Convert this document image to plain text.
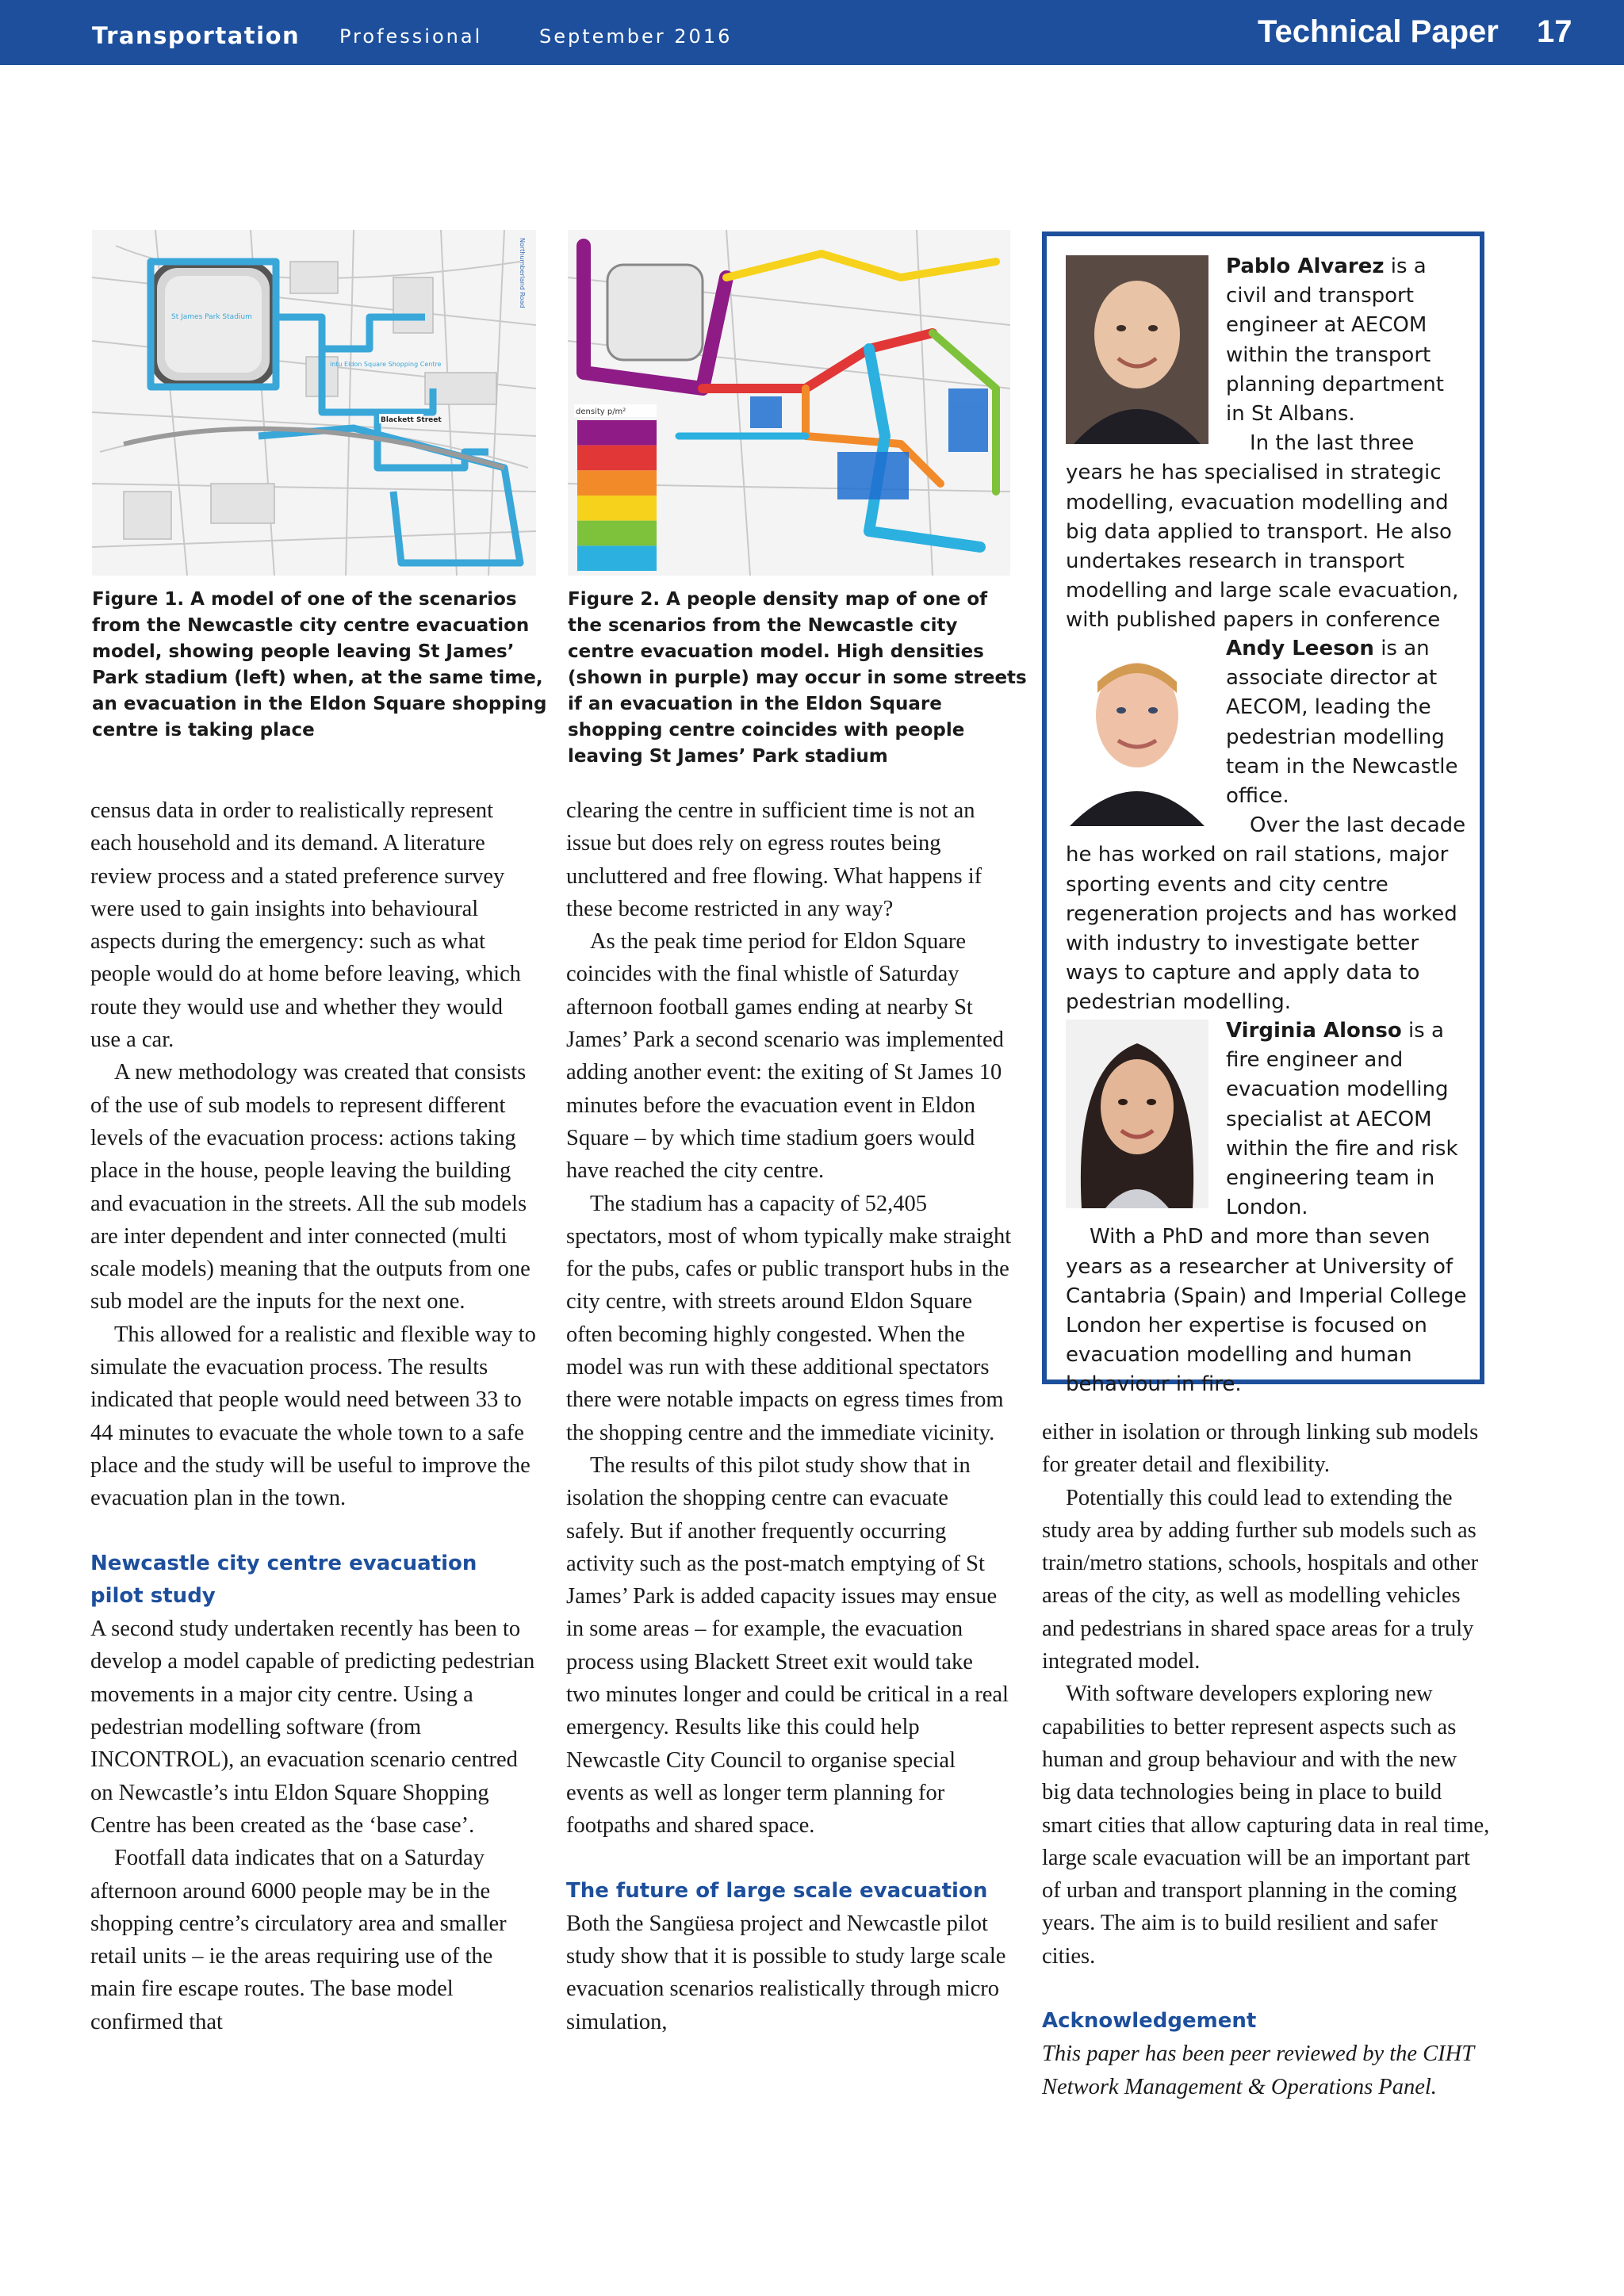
Transportation Professional	September 2016	Technical Paper 17
Blackett Street
St James Park Stadium
intu Eldon Square Shopping Centre
Northumberland Road
Figure 1. A model of one of the scenarios from the Newcastle city centre evacuation model, showing people leaving St James’ Park stadium (left) when, at the same time, an evacuation in the Eldon Square shopping centre is taking place
density p/m²
Figure 2. A people density map of one of the scenarios from the Newcastle city centre evacuation model. High densities (shown in purple) may occur in some streets if an evacuation in the Eldon Square shopping centre coincides with people leaving St James’ Park stadium

census data in order to realistically represent each household and its demand. A literature review process and a stated preference survey were used to gain insights into behavioural aspects during the emergency: such as what people would do at home before leaving, which route they would use and whether they would use a car.

A new methodology was created that consists of the use of sub models to represent different levels of the evacuation process: actions taking place in the house, people leaving the building and evacuation in the streets. All the sub models are inter dependent and inter connected (multi scale models) meaning that the outputs from one sub model are the inputs for the next one.

This allowed for a realistic and flexible way to simulate the evacuation process. The results indicated that people would need between 33 to 44 minutes to evacuate the whole town to a safe place and the study will be useful to improve the evacuation plan in the town.

Newcastle city centre evacuation pilot study

A second study undertaken recently has been to develop a model capable of predicting pedestrian movements in a major city centre. Using a pedestrian modelling software (from INCONTROL), an evacuation scenario centred on Newcastle’s intu Eldon Square Shopping Centre has been created as the ‘base case’.

Footfall data indicates that on a Saturday afternoon around 6000 people may be in the shopping centre’s circulatory area and smaller retail units – ie the areas requiring use of the main fire escape routes. The base model confirmed that

clearing the centre in sufficient time is not an issue but does rely on egress routes being uncluttered and free flowing. What happens if these become restricted in any way?

As the peak time period for Eldon Square coincides with the final whistle of Saturday afternoon football games ending at nearby St James’ Park a second scenario was implemented adding another event: the exiting of St James 10 minutes before the evacuation event in Eldon Square – by which time stadium goers would have reached the city centre.

The stadium has a capacity of 52,405 spectators, most of whom typically make straight for the pubs, cafes or public transport hubs in the city centre, with streets around Eldon Square often becoming highly congested. When the model was run with these additional spectators there were notable impacts on egress times from the shopping centre and the immediate vicinity.

The results of this pilot study show that in isolation the shopping centre can evacuate safely. But if another frequently occurring activity such as the post-match emptying of St James’ Park is added capacity issues may ensue in some areas – for example, the evacuation process using Blackett Street exit would take two minutes longer and could be critical in a real emergency. Results like this could help Newcastle City Council to organise special events as well as longer term planning for footpaths and shared space.

The future of large scale evacuation

Both the Sangüesa project and Newcastle pilot study show that it is possible to study large scale evacuation scenarios realistically through micro simulation,

Pablo Alvarez is a civil and transport engineer at AECOM within the transport planning department in St Albans.

In the last three years he has specialised in strategic modelling, evacuation modelling and big data applied to transport. He also undertakes research in transport modelling and large scale evacuation, with published papers in conference

Andy Leeson is an associate director at AECOM, leading the pedestrian modelling team in the Newcastle office.

Over the last decade he has worked on rail stations, major sporting events and city centre regeneration projects and has worked with industry to investigate better ways to capture and apply data to pedestrian modelling.

Virginia Alonso is a fire engineer and evacuation modelling specialist at AECOM within the fire and risk engineering team in London.

With a PhD and more than seven years as a researcher at University of Cantabria (Spain) and Imperial College London her expertise is focused on evacuation modelling and human behaviour in fire.

either in isolation or through linking sub models for greater detail and flexibility.

Potentially this could lead to extending the study area by adding further sub models such as train/metro stations, schools, hospitals and other areas of the city, as well as modelling vehicles and pedestrians in shared space areas for a truly integrated model.

With software developers exploring new capabilities to better represent aspects such as human and group behaviour and with the new big data technologies being in place to build smart cities that allow capturing data in real time, large scale evacuation will be an important part of urban and transport planning in the coming years. The aim is to build resilient and safer cities.

Acknowledgement

This paper has been peer reviewed by the CIHT Network Management & Operations Panel.
